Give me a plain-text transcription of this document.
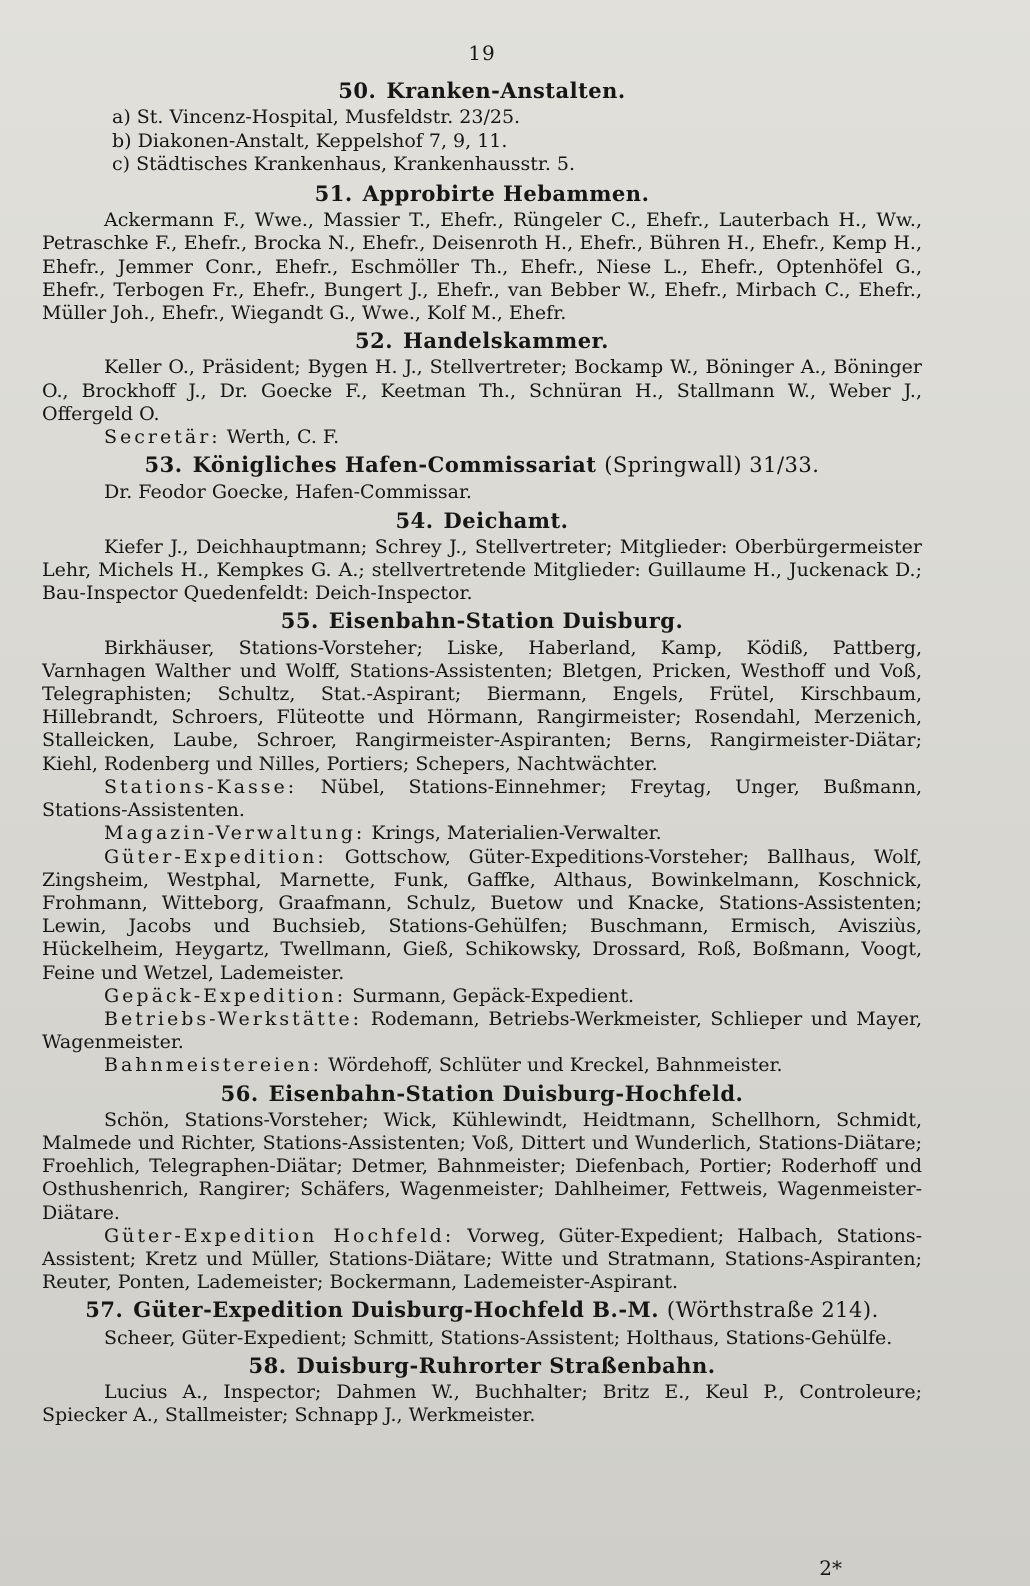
19
50. Kranken-Anstalten.
a) St. Vincenz-Hospital, Musfeldstr. 23/25.
b) Diakonen-Anstalt, Keppelshof 7, 9, 11.
c) Städtisches Krankenhaus, Krankenhausstr. 5.
51. Approbirte Hebammen.

Ackermann F., Wwe., Massier T., Ehefr., Rüngeler C., Ehefr., Lauterbach H., Ww., Petraschke F., Ehefr., Brocka N., Ehefr., Deisenroth H., Ehefr., Bühren H., Ehefr., Kemp H., Ehefr., Jemmer Conr., Ehefr., Eschmöller Th., Ehefr., Niese L., Ehefr., Optenhöfel G., Ehefr., Terbogen Fr., Ehefr., Bungert J., Ehefr., van Bebber W., Ehefr., Mirbach C., Ehefr., Müller Joh., Ehefr., Wiegandt G., Wwe., Kolf M., Ehefr.

52. Handelskammer.

Keller O., Präsident; Bygen H. J., Stellvertreter; Bockamp W., Böninger A., Böninger O., Brockhoff J., Dr. Goecke F., Keetman Th., Schnüran H., Stallmann W., Weber J., Offergeld O.

Secretär: Werth, C. F.

53. Königliches Hafen-Commissariat (Springwall) 31/33.

Dr. Feodor Goecke, Hafen-Commissar.

54. Deichamt.

Kiefer J., Deichhauptmann; Schrey J., Stellvertreter; Mitglieder: Oberbürgermeister Lehr, Michels H., Kempkes G. A.; stellvertretende Mitglieder: Guillaume H., Juckenack D.; Bau-Inspector Quedenfeldt: Deich-Inspector.

55. Eisenbahn-Station Duisburg.

Birkhäuser, Stations-Vorsteher; Liske, Haberland, Kamp, Ködiß, Pattberg, Varnhagen Walther und Wolff, Stations-Assistenten; Bletgen, Pricken, Westhoff und Voß, Telegraphisten; Schultz, Stat.-Aspirant; Biermann, Engels, Frütel, Kirschbaum, Hillebrandt, Schroers, Flüteotte und Hörmann, Rangirmeister; Rosendahl, Merzenich, Stalleicken, Laube, Schroer, Rangirmeister-Aspiranten; Berns, Rangirmeister-Diätar; Kiehl, Rodenberg und Nilles, Portiers; Schepers, Nachtwächter.

Stations-Kasse: Nübel, Stations-Einnehmer; Freytag, Unger, Bußmann, Stations-Assistenten.

Magazin-Verwaltung: Krings, Materialien-Verwalter.

Güter-Expedition: Gottschow, Güter-Expeditions-Vorsteher; Ballhaus, Wolf, Zingsheim, Westphal, Marnette, Funk, Gaffke, Althaus, Bowinkelmann, Koschnick, Frohmann, Witteborg, Graafmann, Schulz, Buetow und Knacke, Stations-Assistenten; Lewin, Jacobs und Buchsieb, Stations-Gehülfen; Buschmann, Ermisch, Avisziùs, Hückelheim, Heygartz, Twellmann, Gieß, Schikowsky, Drossard, Roß, Boßmann, Voogt, Feine und Wetzel, Lademeister.

Gepäck-Expedition: Surmann, Gepäck-Expedient.

Betriebs-Werkstätte: Rodemann, Betriebs-Werkmeister, Schlieper und Mayer, Wagenmeister.

Bahnmeistereien: Wördehoff, Schlüter und Kreckel, Bahnmeister.

56. Eisenbahn-Station Duisburg-Hochfeld.

Schön, Stations-Vorsteher; Wick, Kühlewindt, Heidtmann, Schellhorn, Schmidt, Malmede und Richter, Stations-Assistenten; Voß, Dittert und Wunderlich, Stations-Diätare; Froehlich, Telegraphen-Diätar; Detmer, Bahnmeister; Diefenbach, Portier; Roderhoff und Osthushenrich, Rangirer; Schäfers, Wagenmeister; Dahlheimer, Fettweis, Wagenmeister-Diätare.

Güter-Expedition Hochfeld: Vorweg, Güter-Expedient; Halbach, Stations-Assistent; Kretz und Müller, Stations-Diätare; Witte und Stratmann, Stations-Aspiranten; Reuter, Ponten, Lademeister; Bockermann, Lademeister-Aspirant.

57. Güter-Expedition Duisburg-Hochfeld B.-M. (Wörthstraße 214).

Scheer, Güter-Expedient; Schmitt, Stations-Assistent; Holthaus, Stations-Gehülfe.

58. Duisburg-Ruhrorter Straßenbahn.

Lucius A., Inspector; Dahmen W., Buchhalter; Britz E., Keul P., Controleure; Spiecker A., Stallmeister; Schnapp J., Werkmeister.

2*
